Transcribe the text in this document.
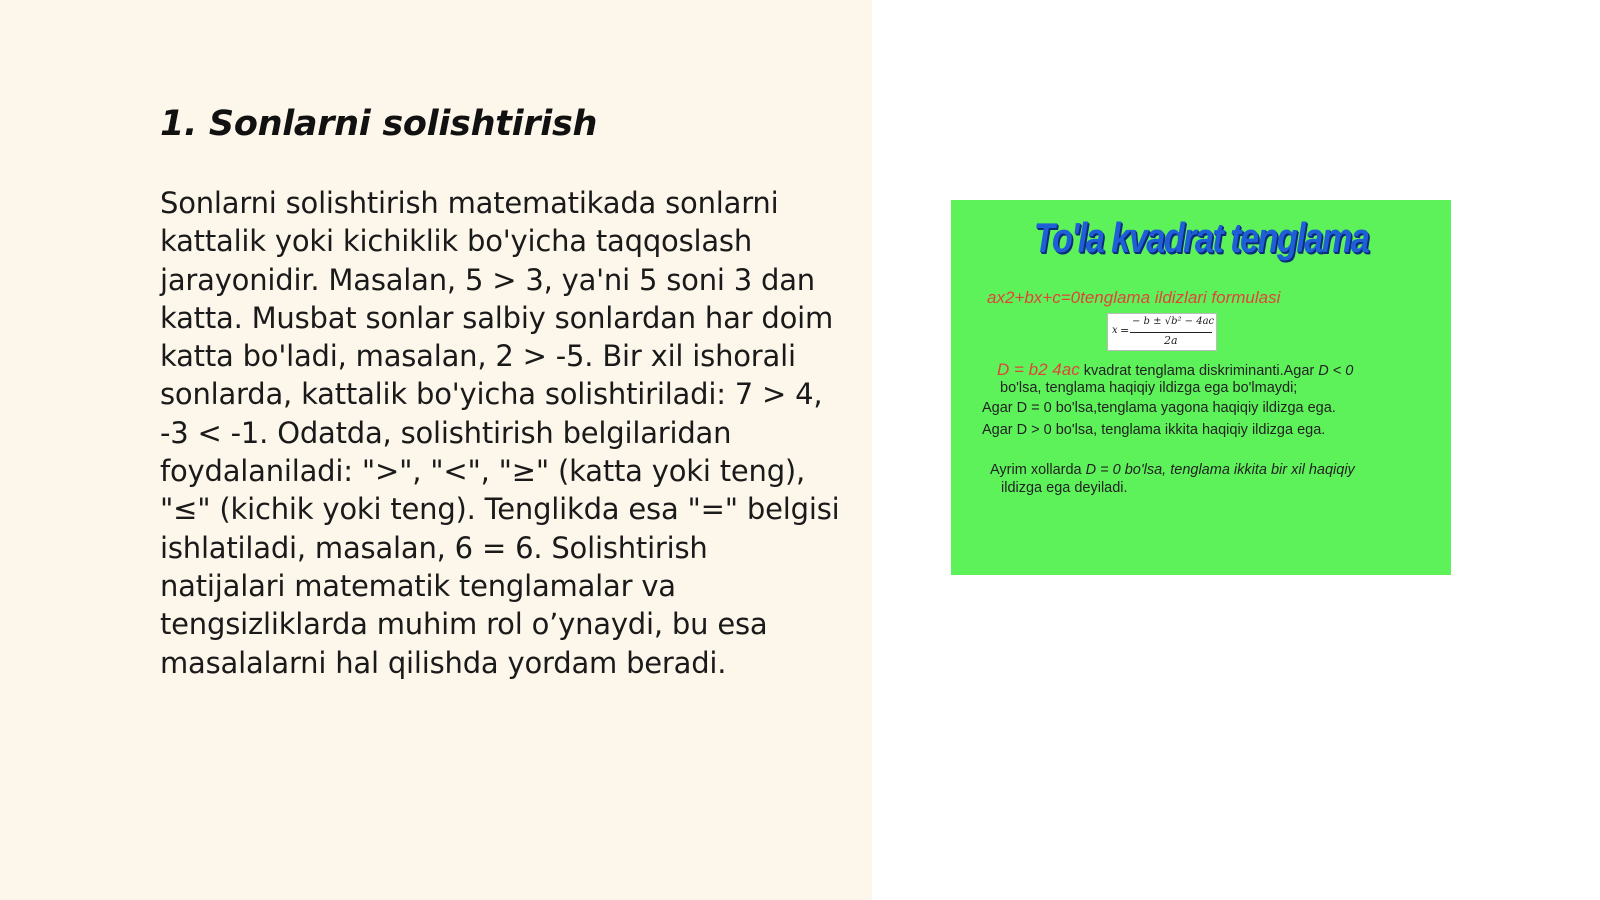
1. Sonlarni solishtirish

Sonlarni solishtirish matematikada sonlarni kattalik yoki kichiklik bo'yicha taqqoslash jarayonidir. Masalan, 5 > 3, ya'ni 5 soni 3 dan katta. Musbat sonlar salbiy sonlardan har doim katta bo'ladi, masalan, 2 > -5. Bir xil ishorali sonlarda, kattalik bo'yicha solishtiriladi: 7 > 4, -3 < -1. Odatda, solishtirish belgilaridan foydalaniladi: ">", "<", "≥" (katta yoki teng), "≤" (kichik yoki teng). Tenglikda esa "=" belgisi ishlatiladi, masalan, 6 = 6. Solishtirish natijalari matematik tenglamalar va tengsizliklarda muhim rol o’ynaydi, bu esa masalalarni hal qilishda yordam beradi.

To'la kvadrat tenglama

ax2+bx+c=0tenglama ildizlari formulasi

x =
− b ± √b² − 4ac
2a

D = b2 4ac kvadrat tenglama diskriminanti.Agar D < 0

bo'lsa, tenglama haqiqiy ildizga ega bo'lmaydi;

Agar D = 0 bo'lsa,tenglama yagona haqiqiy ildizga ega.

Agar D > 0 bo'lsa, tenglama ikkita haqiqiy ildizga ega.

Ayrim xollarda D = 0 bo'lsa, tenglama ikkita bir xil haqiqiy

ildizga ega deyiladi.
